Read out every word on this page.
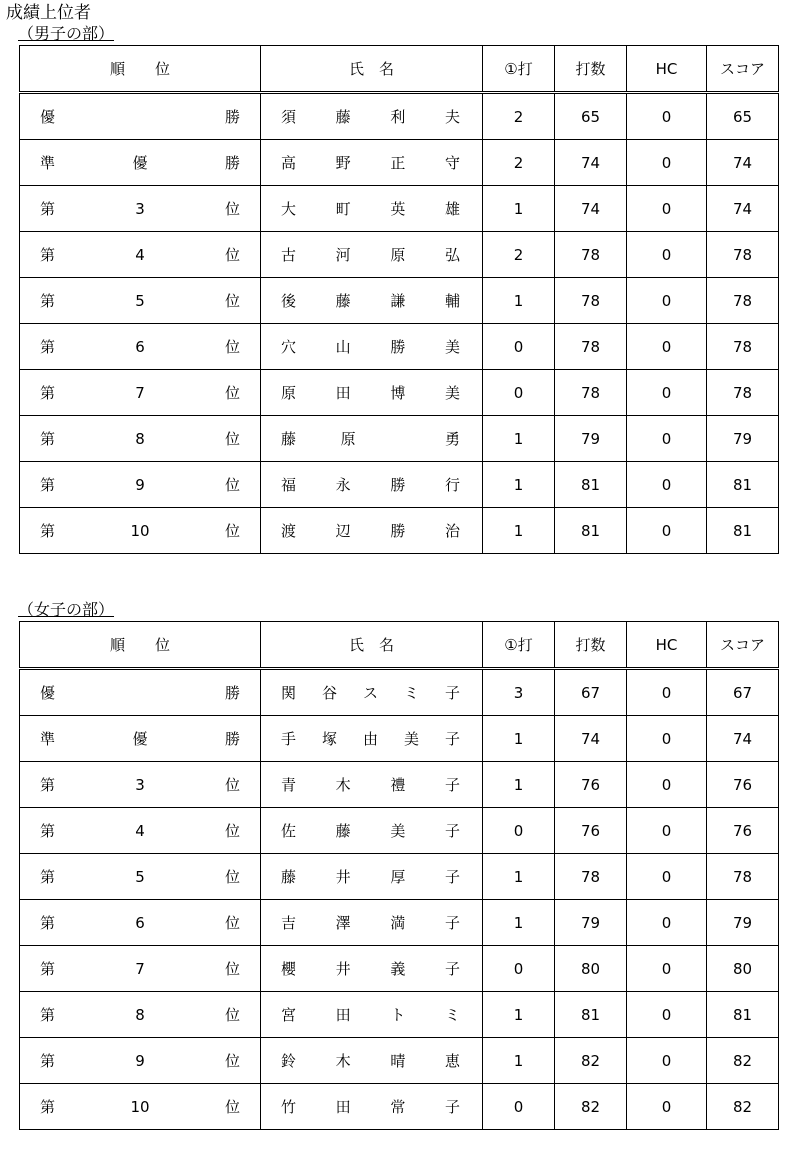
成績上位者
（男子の部）
順　　位	氏　名	①打	打数	HC	スコア

優 勝	須 藤 利 夫	2	65	0	65

準 優 勝	高 野 正 守	2	74	0	74

第 3 位	大 町 英 雄	1	74	0	74

第 4 位	古 河 原 弘	2	78	0	78

第 5 位	後 藤 謙 輔	1	78	0	78

第 6 位	穴 山 勝 美	0	78	0	78

第 7 位	原 田 博 美	0	78	0	78

第 8 位	藤 原 勇	1	79	0	79

第 9 位	福 永 勝 行	1	81	0	81

第 10 位	渡 辺 勝 治	1	81	0	81
（女子の部）
順　　位	氏　名	①打	打数	HC	スコア

優 勝	関 谷 ス ミ 子	3	67	0	67

準 優 勝	手 塚 由 美 子	1	74	0	74

第 3 位	青 木 禮 子	1	76	0	76

第 4 位	佐 藤 美 子	0	76	0	76

第 5 位	藤 井 厚 子	1	78	0	78

第 6 位	吉 澤 満 子	1	79	0	79

第 7 位	櫻 井 義 子	0	80	0	80

第 8 位	宮 田 ト ミ	1	81	0	81

第 9 位	鈴 木 晴 恵	1	82	0	82

第 10 位	竹 田 常 子	0	82	0	82
